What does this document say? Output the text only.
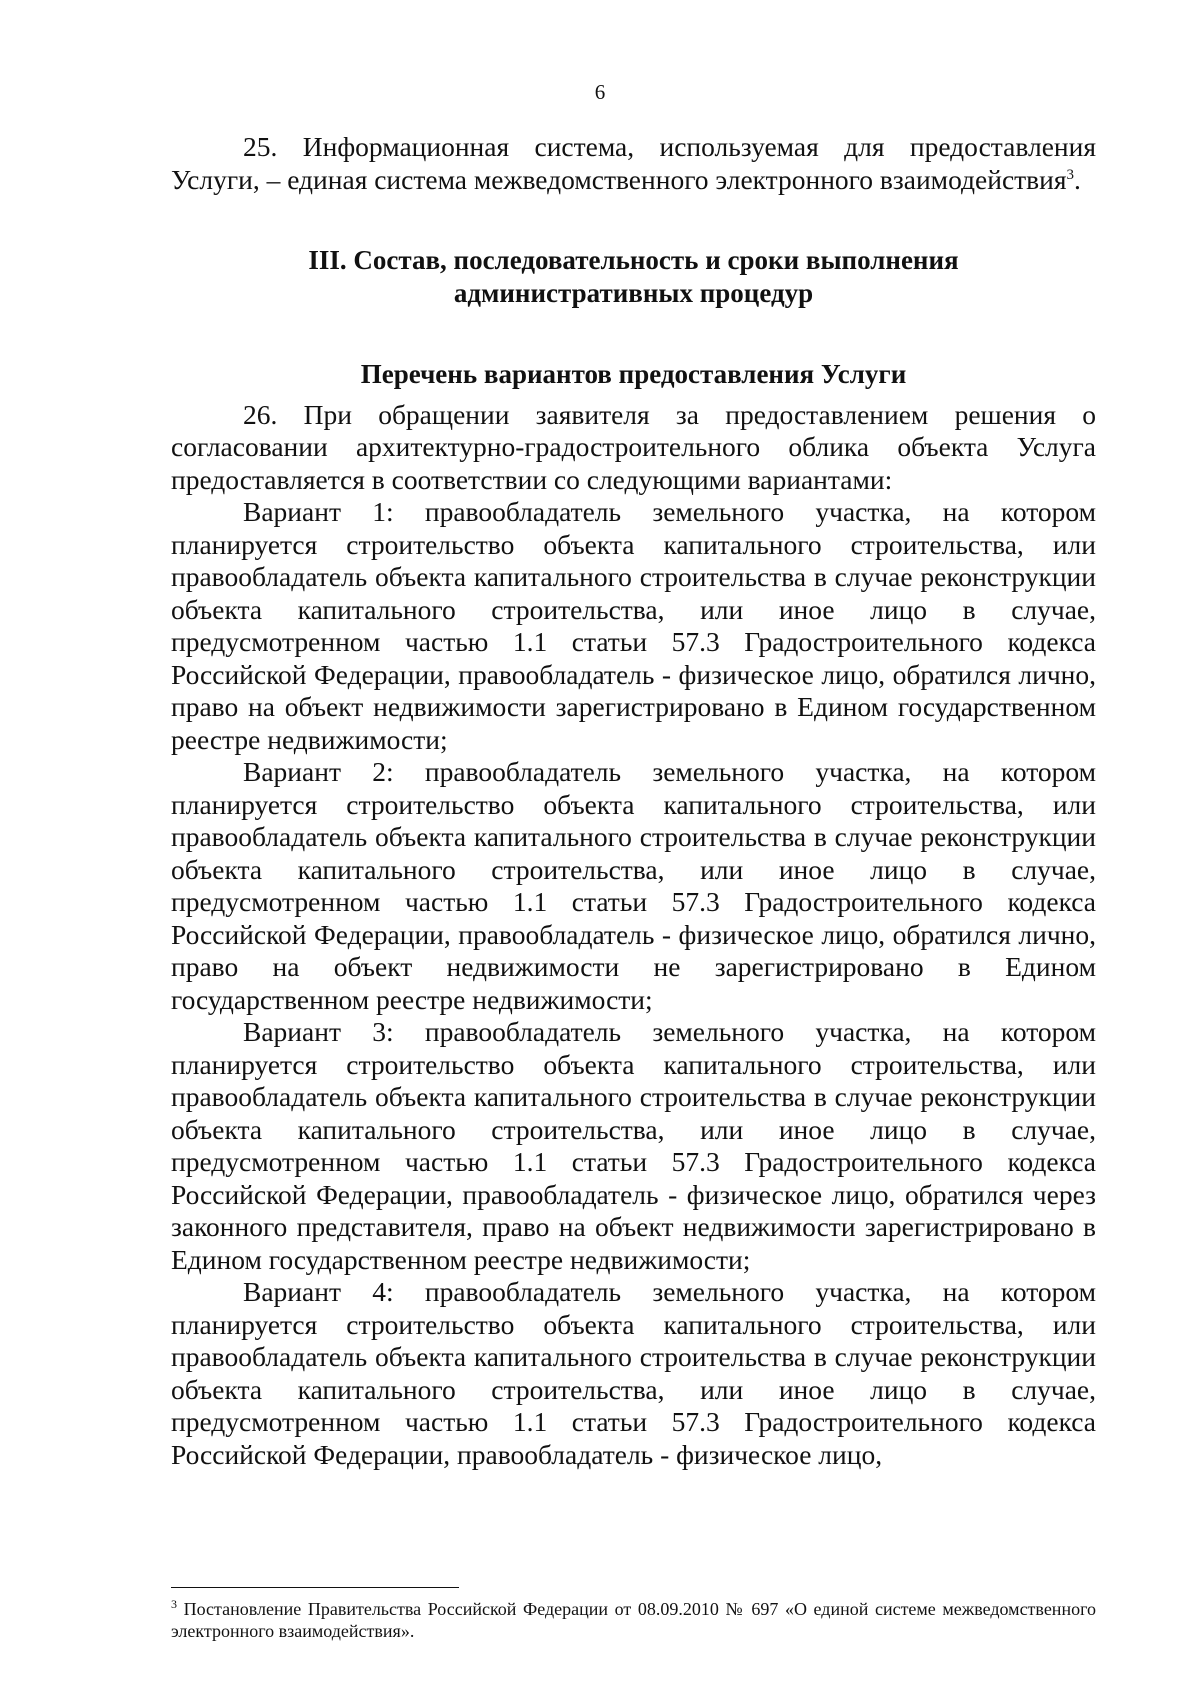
6

25. Информационная система, используемая для предоставления Услуги, – единая система межведомственного электронного взаимодействия$^3$.

III. Состав, последовательность и сроки выполнения
административных процедур
Перечень вариантов предоставления Услуги

26. При обращении заявителя за предоставлением решения о согласовании архитектурно-градостроительного облика объекта Услуга предоставляется в соответствии со следующими вариантами:

Вариант 1: правообладатель земельного участка, на котором планируется строительство объекта капитального строительства, или правообладатель объекта капитального строительства в случае реконструкции объекта капитального строительства, или иное лицо в случае, предусмотренном частью 1.1 статьи 57.3 Градостроительного кодекса Российской Федерации, правообладатель - физическое лицо, обратился лично, право на объект недвижимости зарегистрировано в Едином государственном реестре недвижимости;

Вариант 2: правообладатель земельного участка, на котором планируется строительство объекта капитального строительства, или правообладатель объекта капитального строительства в случае реконструкции объекта капитального строительства, или иное лицо в случае, предусмотренном частью 1.1 статьи 57.3 Градостроительного кодекса Российской Федерации, правообладатель - физическое лицо, обратился лично, право на объект недвижимости не зарегистрировано в Едином государственном реестре недвижимости;

Вариант 3: правообладатель земельного участка, на котором планируется строительство объекта капитального строительства, или правообладатель объекта капитального строительства в случае реконструкции объекта капитального строительства, или иное лицо в случае, предусмотренном частью 1.1 статьи 57.3 Градостроительного кодекса Российской Федерации, правообладатель - физическое лицо, обратился через законного представителя, право на объект недвижимости зарегистрировано в Едином государственном реестре недвижимости;

Вариант 4: правообладатель земельного участка, на котором планируется строительство объекта капитального строительства, или правообладатель объекта капитального строительства в случае реконструкции объекта капитального строительства, или иное лицо в случае, предусмотренном частью 1.1 статьи 57.3 Градостроительного кодекса Российской Федерации, правообладатель - физическое лицо,

$^3$ Постановление Правительства Российской Федерации от 08.09.2010 № 697 «О единой системе межведомственного электронного взаимодействия».
